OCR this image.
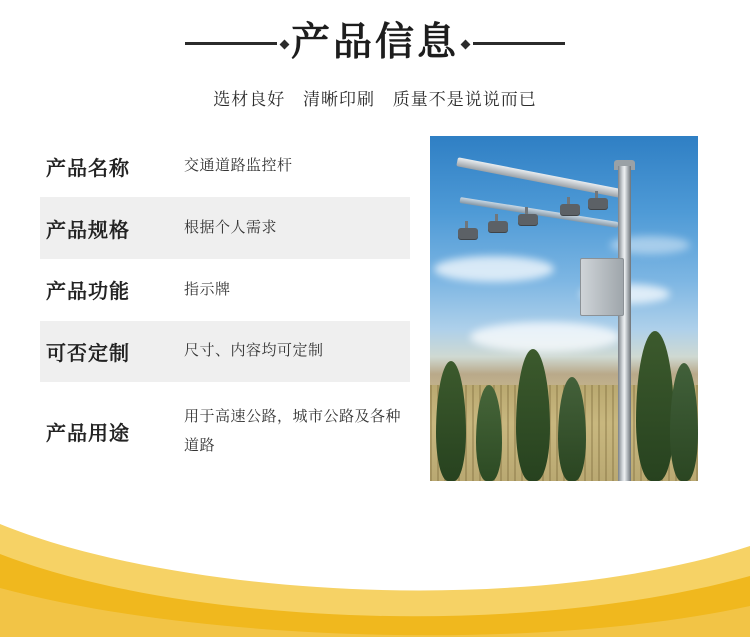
产品信息
选材良好 清晰印刷 质量不是说说而已
产品名称	交通道路监控杆
产品规格	根据个人需求
产品功能	指示牌
可否定制	尺寸、内容均可定制
产品用途	用于高速公路，城市公路及各种道路
